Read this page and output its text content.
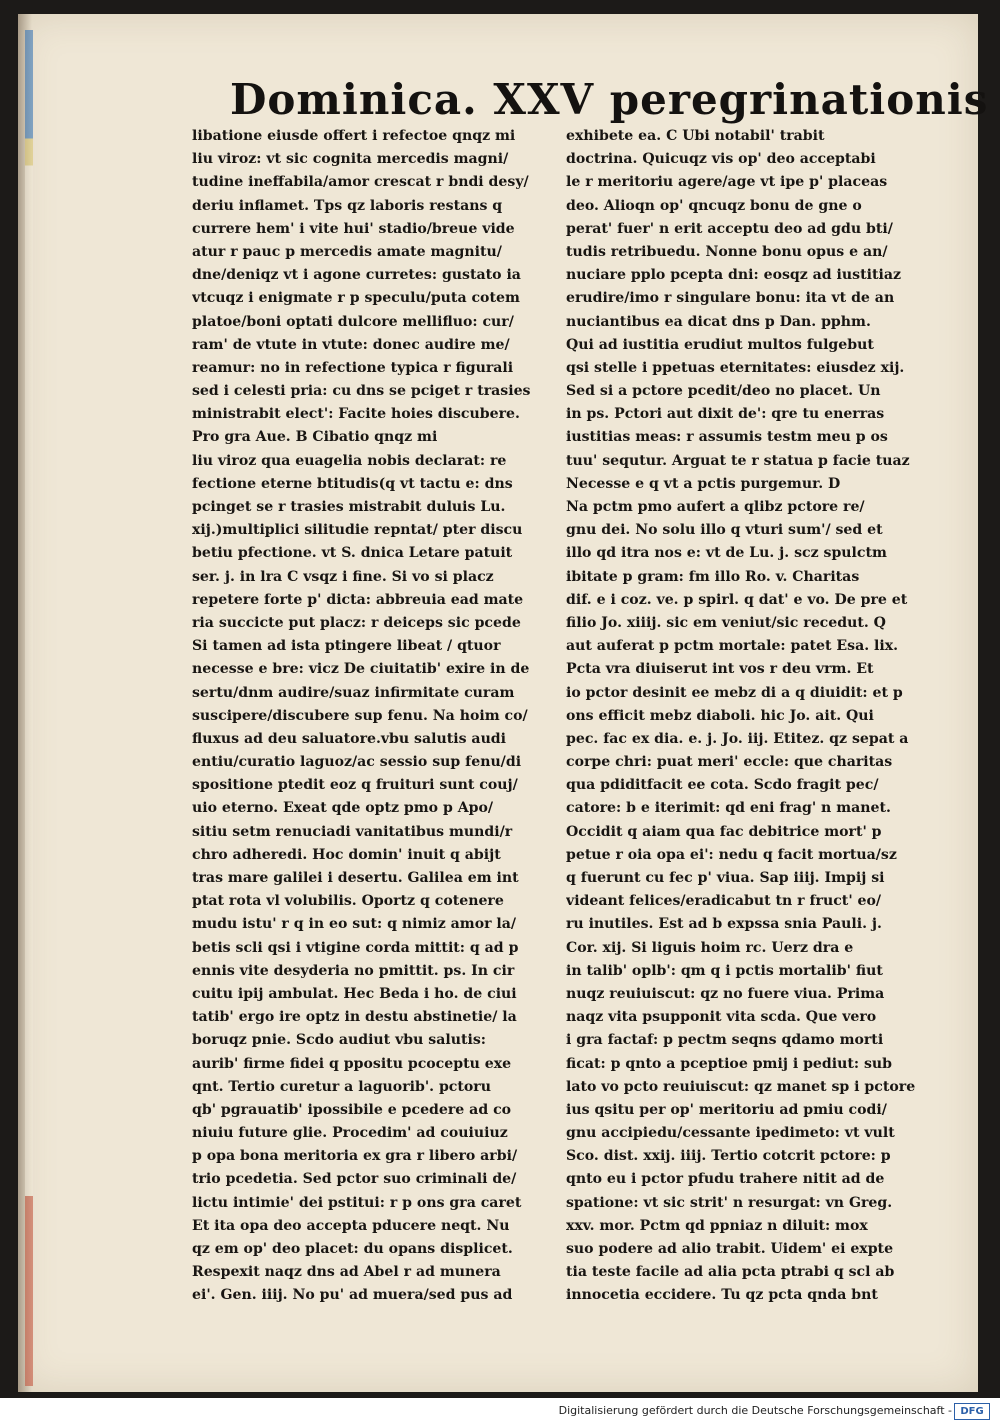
Dominica. XXV peregrinationis
libatione eiusde offert i refectoe qnqz mi
liu viroz: vt sic cognita mercedis magni/
tudine ineffabila/amor crescat r bndi desy/
deriu inflamet. Tps qz laboris restans q
currere hem' i vite hui' stadio/breue vide
atur r pauc p mercedis amate magnitu/
dne/deniqz vt i agone curretes: gustato ia
vtcuqz i enigmate r p speculu/puta cotem
platoe/boni optati dulcore mellifluo: cur/
ram' de vtute in vtute: donec audire me/
reamur: no in refectione typica r figurali
sed i celesti pria: cu dns se pciget r trasies
ministrabit elect': Facite hoies discubere.
Pro gra Aue. B Cibatio qnqz mi
liu viroz qua euagelia nobis declarat: re
fectione eterne btitudis(q vt tactu e: dns
pcinget se r trasies mistrabit duluis Lu.
xij.)multiplici silitudie repntat/ pter discu
betiu pfectione. vt S. dnica Letare patuit
ser. j. in lra C vsqz i fine. Si vo si placz
repetere forte p' dicta: abbreuia ead mate
ria succicte put placz: r deiceps sic pcede
Si tamen ad ista ptingere libeat / qtuor
necesse e bre: vicz De ciuitatib' exire in de
sertu/dnm audire/suaz infirmitate curam
suscipere/discubere sup fenu. Na hoim co/
fluxus ad deu saluatore.vbu salutis audi
entiu/curatio laguoz/ac sessio sup fenu/di
spositione ptedit eoz q fruituri sunt couj/
uio eterno. Exeat qde optz pmo p Apo/
sitiu setm renuciadi vanitatibus mundi/r
chro adheredi. Hoc domin' inuit q abijt
tras mare galilei i desertu. Galilea em int
ptat rota vl volubilis. Oportz q cotenere
mudu istu' r q in eo sut: q nimiz amor la/
betis scli qsi i vtigine corda mittit: q ad p
ennis vite desyderia no pmittit. ps. In cir
cuitu ipij ambulat. Hec Beda i ho. de ciui
tatib' ergo ire optz in destu abstinetie/ la
boruqz pnie. Scdo audiut vbu salutis:
aurib' firme fidei q ppositu pcoceptu exe
qnt. Tertio curetur a laguorib'. pctoru
qb' pgrauatib' ipossibile e pcedere ad co
niuiu future glie. Procedim' ad couiuiuz
p opa bona meritoria ex gra r libero arbi/
trio pcedetia. Sed pctor suo criminali de/
lictu intimie' dei pstitui: r p ons gra caret
Et ita opa deo accepta pducere neqt. Nu
qz em op' deo placet: du opans displicet.
Respexit naqz dns ad Abel r ad munera
ei'. Gen. iiij. No pu' ad muera/sed pus ad
exhibete ea. C Ubi notabil' trabit
doctrina. Quicuqz vis op' deo acceptabi
le r meritoriu agere/age vt ipe p' placeas
deo. Alioqn op' qncuqz bonu de gne o
perat' fuer' n erit acceptu deo ad gdu bti/
tudis retribuedu. Nonne bonu opus e an/
nuciare pplo pcepta dni: eosqz ad iustitiaz
erudire/imo r singulare bonu: ita vt de an
nuciantibus ea dicat dns p Dan. pphm.
Qui ad iustitia erudiut multos fulgebut
qsi stelle i ppetuas eternitates: eiusdez xij.
Sed si a pctore pcedit/deo no placet. Un
in ps. Pctori aut dixit de': qre tu enerras
iustitias meas: r assumis testm meu p os
tuu' sequtur. Arguat te r statua p facie tuaz
Necesse e q vt a pctis purgemur. D
Na pctm pmo aufert a qlibz pctore re/
gnu dei. No solu illo q vturi sum'/ sed et
illo qd itra nos e: vt de Lu. j. scz spulctm
ibitate p gram: fm illo Ro. v. Charitas
dif. e i coz. ve. p spirl. q dat' e vo. De pre et
filio Jo. xiiij. sic em veniut/sic recedut. Q
aut auferat p pctm mortale: patet Esa. lix.
Pcta vra diuiserut int vos r deu vrm. Et
io pctor desinit ee mebz di a q diuidit: et p
ons efficit mebz diaboli. hic Jo. ait. Qui
pec. fac ex dia. e. j. Jo. iij. Etitez. qz sepat a
corpe chri: puat meri' eccle: que charitas
qua pdiditfacit ee cota. Scdo fragit pec/
catore: b e iterimit: qd eni frag' n manet.
Occidit q aiam qua fac debitrice mort' p
petue r oia opa ei': nedu q facit mortua/sz
q fuerunt cu fec p' viua. Sap iiij. Impij si
videant felices/eradicabut tn r fruct' eo/
ru inutiles. Est ad b expssa snia Pauli. j.
Cor. xij. Si liguis hoim rc. Uerz dra e
in talib' oplb': qm q i pctis mortalib' fiut
nuqz reuiuiscut: qz no fuere viua. Prima
naqz vita psupponit vita scda. Que vero
i gra factaf: p pectm seqns qdamo morti
ficat: p qnto a pceptioe pmij i pediut: sub
lato vo pcto reuiuiscut: qz manet sp i pctore
ius qsitu per op' meritoriu ad pmiu codi/
gnu accipiedu/cessante ipedimeto: vt vult
Sco. dist. xxij. iiij. Tertio cotcrit pctore: p
qnto eu i pctor pfudu trahere nitit ad de
spatione: vt sic strit' n resurgat: vn Greg.
xxv. mor. Pctm qd ppniaz n diluit: mox
suo podere ad alio trabit. Uidem' ei expte
tia teste facile ad alia pcta ptrabi q scl ab
innocetia eccidere. Tu qz pcta qnda bnt
Digitalisierung gefördert durch die Deutsche Forschungsgemeinschaft - DFG
